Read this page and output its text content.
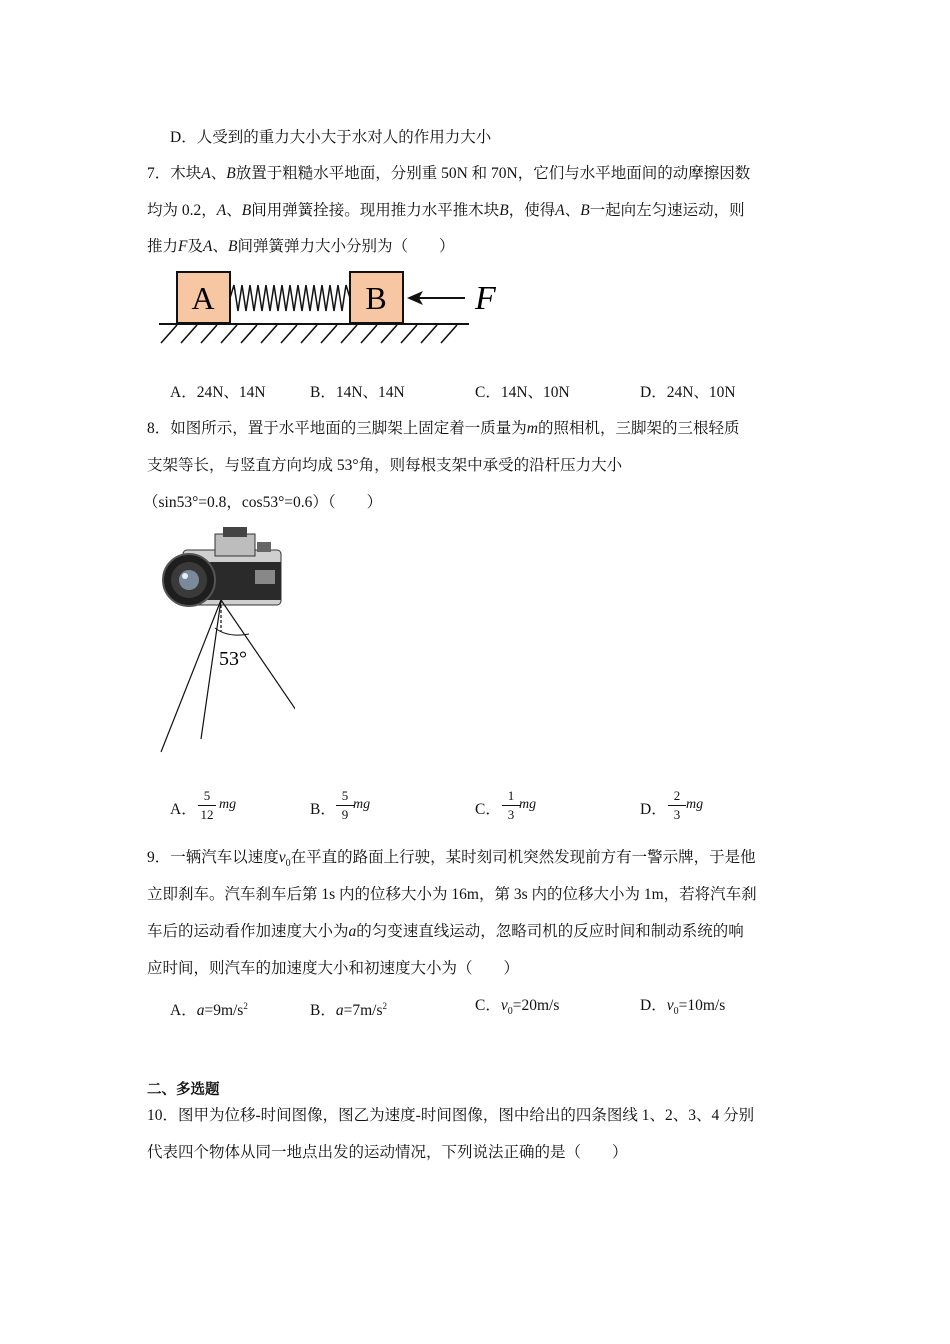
D．人受到的重力大小大于水对人的作用力大小
7．木块A、B放置于粗糙水平地面，分别重 50N 和 70N，它们与水平地面间的动摩擦因数
均为 0.2，A、B间用弹簧拴接。现用推力水平推木块B，使得A、B一起向左匀速运动，则
推力F及A、B间弹簧弹力大小分别为（　　）
A	B	F
A．24N、14N	B．14N、14N	C．14N、10N	D．24N、10N
8．如图所示，置于水平地面的三脚架上固定着一质量为m的照相机，三脚架的三根轻质
支架等长，与竖直方向均成 53°角，则每根支架中承受的沿杆压力大小
（sin53°=0.8，cos53°=0.6）（　　）
53°
A．
5
12
mg	B．
5
9
mg	C．
1
3
mg	D．
2
3
mg
9．一辆汽车以速度$v_0$在平直的路面上行驶，某时刻司机突然发现前方有一警示牌，于是他
立即刹车。汽车刹车后第 1s 内的位移大小为 16m，第 3s 内的位移大小为 1m，若将汽车刹
车后的运动看作加速度大小为a的匀变速直线运动，忽略司机的反应时间和制动系统的响
应时间，则汽车的加速度大小和初速度大小为（　　）
A．$a=9m/s^2$	B．$a=7m/s^2$	C．$v_0=20m/s$	D．$v_0=10m/s$
二、多选题
10．图甲为位移-时间图像，图乙为速度-时间图像，图中给出的四条图线 1、2、3、4 分别
代表四个物体从同一地点出发的运动情况，下列说法正确的是（　　）
